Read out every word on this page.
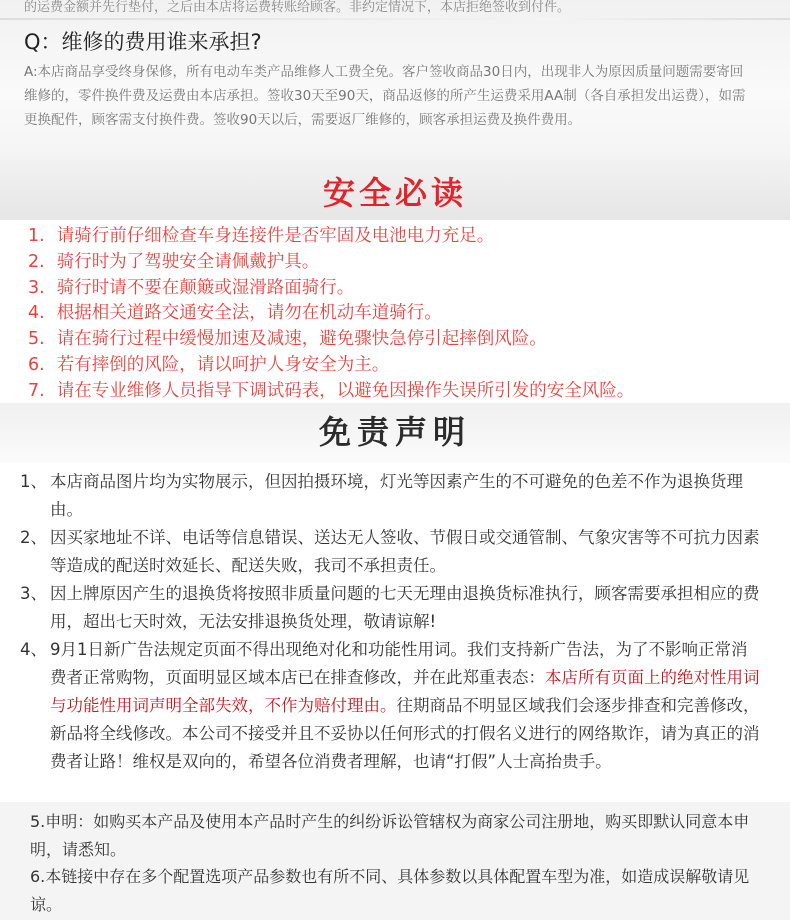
的运费金额并先行垫付，之后由本店将运费转账给顾客。非约定情况下，本店拒绝签收到付件。
Q：维修的费用谁来承担?
A:本店商品享受终身保修，所有电动车类产品维修人工费全免。客户签收商品30日内，出现非人为原因质量问题需要寄回维修的，零件换件费及运费由本店承担。签收30天至90天，商品返修的所产生运费采用AA制（各自承担发出运费），如需更换配件，顾客需支付换件费。签收90天以后，需要返厂维修的，顾客承担运费及换件费用。
安全必读
1. 请骑行前仔细检查车身连接件是否牢固及电池电力充足。
2. 骑行时为了驾驶安全请佩戴护具。
3. 骑行时请不要在颠簸或湿滑路面骑行。
4. 根据相关道路交通安全法，请勿在机动车道骑行。
5. 请在骑行过程中缓慢加速及减速，避免骤快急停引起摔倒风险。
6. 若有摔倒的风险，请以呵护人身安全为主。
7. 请在专业维修人员指导下调试码表，以避免因操作失误所引发的安全风险。
免责声明
1、 本店商品图片均为实物展示，但因拍摄环境，灯光等因素产生的不可避免的色差不作为退换货理由。
2、 因买家地址不详、电话等信息错误、送达无人签收、节假日或交通管制、气象灾害等不可抗力因素等造成的配送时效延长、配送失败，我司不承担责任。
3、 因上牌原因产生的退换货将按照非质量问题的七天无理由退换货标准执行，顾客需要承担相应的费用，超出七天时效，无法安排退换货处理，敬请谅解!
4、 9月1日新广告法规定页面不得出现绝对化和功能性用词。我们支持新广告法，为了不影响正常消费者正常购物，页面明显区域本店已在排查修改，并在此郑重表态：本店所有页面上的绝对性用词与功能性用词声明全部失效，不作为赔付理由。往期商品不明显区域我们会逐步排查和完善修改，新品将全线修改。本公司不接受并且不妥协以任何形式的打假名义进行的网络欺诈，请为真正的消费者让路！维权是双向的，希望各位消费者理解，也请“打假”人士高抬贵手。

5.申明：如购买本产品及使用本产品时产生的纠纷诉讼管辖权为商家公司注册地，购买即默认同意本申明，请悉知。

6.本链接中存在多个配置选项产品参数也有所不同、具体参数以具体配置车型为准，如造成误解敬请见谅。
